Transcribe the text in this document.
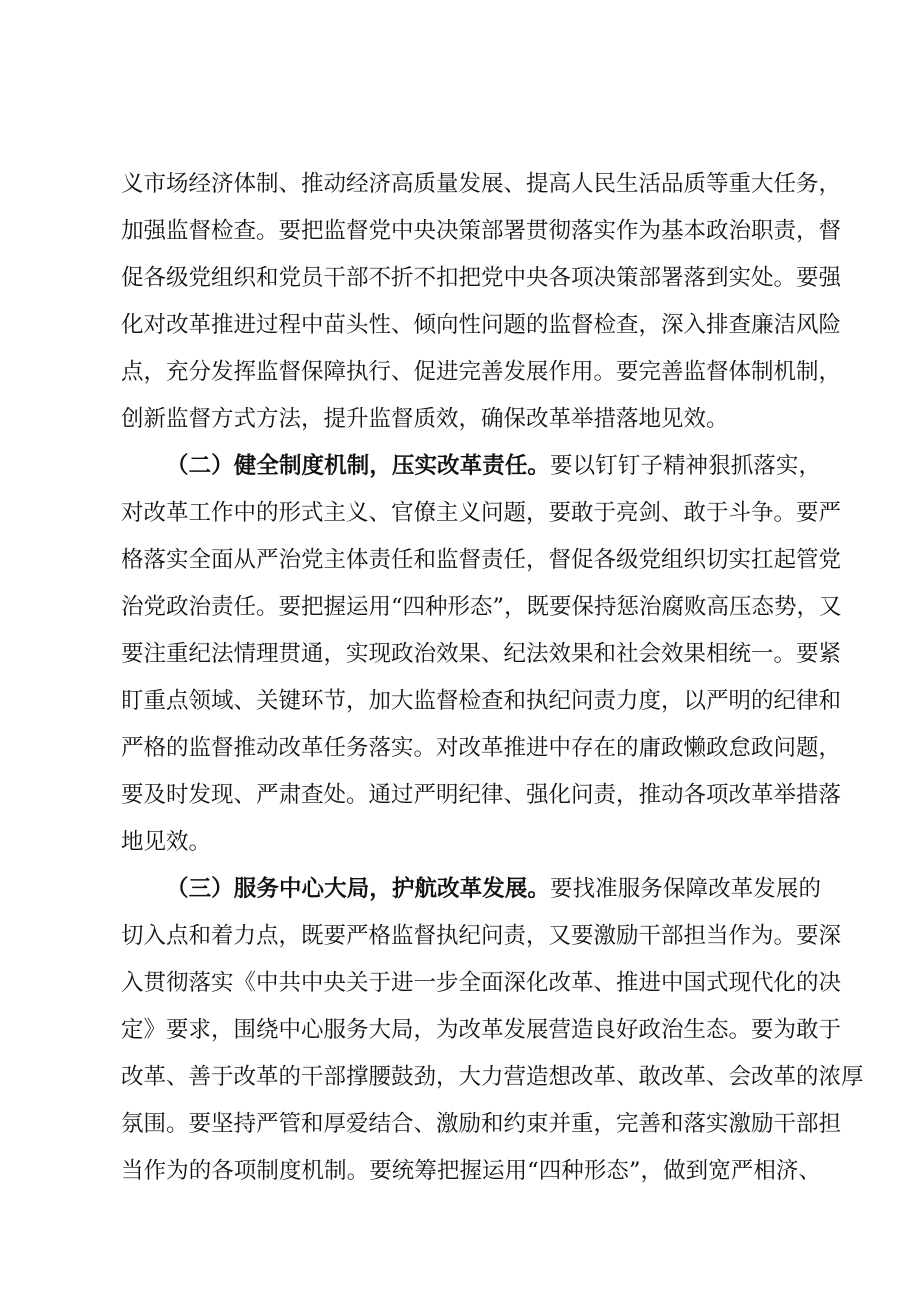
义市场经济体制、推动经济高质量发展、提高人民生活品质等重大任务，
加强监督检查。要把监督党中央决策部署贯彻落实作为基本政治职责，督
促各级党组织和党员干部不折不扣把党中央各项决策部署落到实处。要强
化对改革推进过程中苗头性、倾向性问题的监督检查，深入排查廉洁风险
点，充分发挥监督保障执行、促进完善发展作用。要完善监督体制机制，
创新监督方式方法，提升监督质效，确保改革举措落地见效。
（二）健全制度机制，压实改革责任。要以钉钉子精神狠抓落实，
对改革工作中的形式主义、官僚主义问题，要敢于亮剑、敢于斗争。要严
格落实全面从严治党主体责任和监督责任，督促各级党组织切实扛起管党
治党政治责任。要把握运用“四种形态”，既要保持惩治腐败高压态势，又
要注重纪法情理贯通，实现政治效果、纪法效果和社会效果相统一。要紧
盯重点领域、关键环节，加大监督检查和执纪问责力度，以严明的纪律和
严格的监督推动改革任务落实。对改革推进中存在的庸政懒政怠政问题，
要及时发现、严肃查处。通过严明纪律、强化问责，推动各项改革举措落
地见效。
（三）服务中心大局，护航改革发展。要找准服务保障改革发展的
切入点和着力点，既要严格监督执纪问责，又要激励干部担当作为。要深
入贯彻落实《中共中央关于进一步全面深化改革、推进中国式现代化的决
定》要求，围绕中心服务大局，为改革发展营造良好政治生态。要为敢于
改革、善于改革的干部撑腰鼓劲，大力营造想改革、敢改革、会改革的浓厚
氛围。要坚持严管和厚爱结合、激励和约束并重，完善和落实激励干部担
当作为的各项制度机制。要统筹把握运用“四种形态”，做到宽严相济、
